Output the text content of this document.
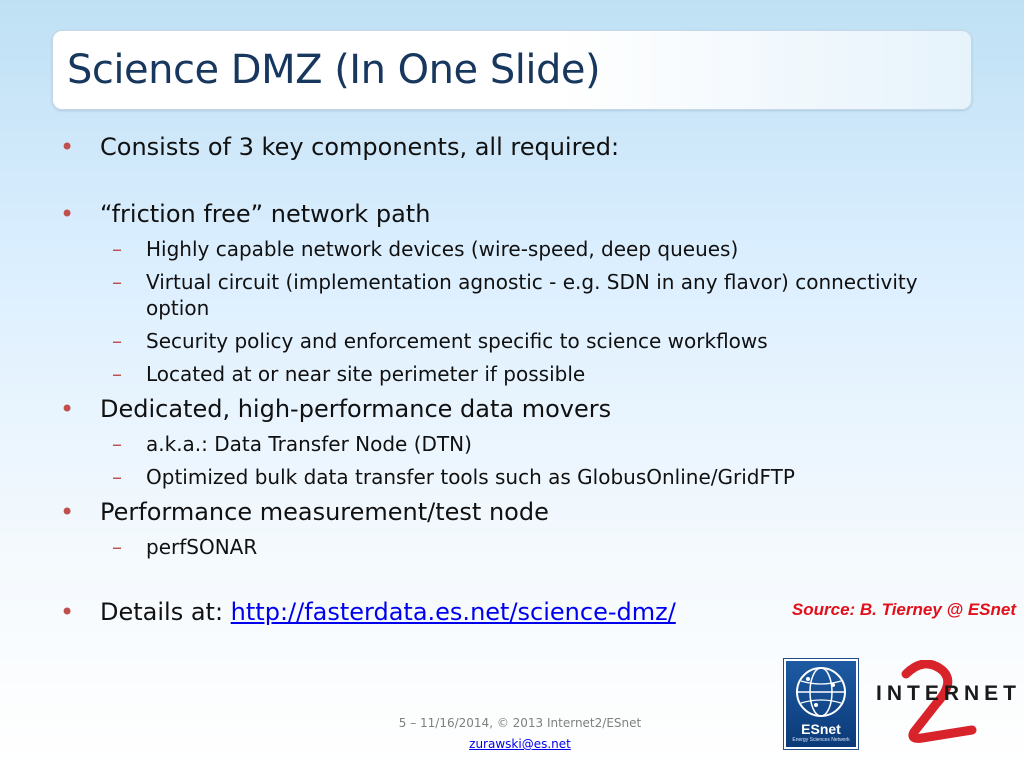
Science DMZ (In One Slide)
• Consists of 3 key components, all required:
• “friction free” network path
– Highly capable network devices (wire-speed, deep queues)
– Virtual circuit (implementation agnostic - e.g. SDN in any flavor) connectivity option
– Security policy and enforcement specific to science workflows
– Located at or near site perimeter if possible
• Dedicated, high-performance data movers
– a.k.a.: Data Transfer Node (DTN)
– Optimized bulk data transfer tools such as GlobusOnline/GridFTP
• Performance measurement/test node
– perfSONAR
• Details at: http://fasterdata.es.net/science-dmz/	Source: B. Tierney @ ESnet
5 – 11/16/2014, © 2013 Internet2/ESnet
zurawski@es.net
ESnet
Energy Sciences Network
INTERNET
